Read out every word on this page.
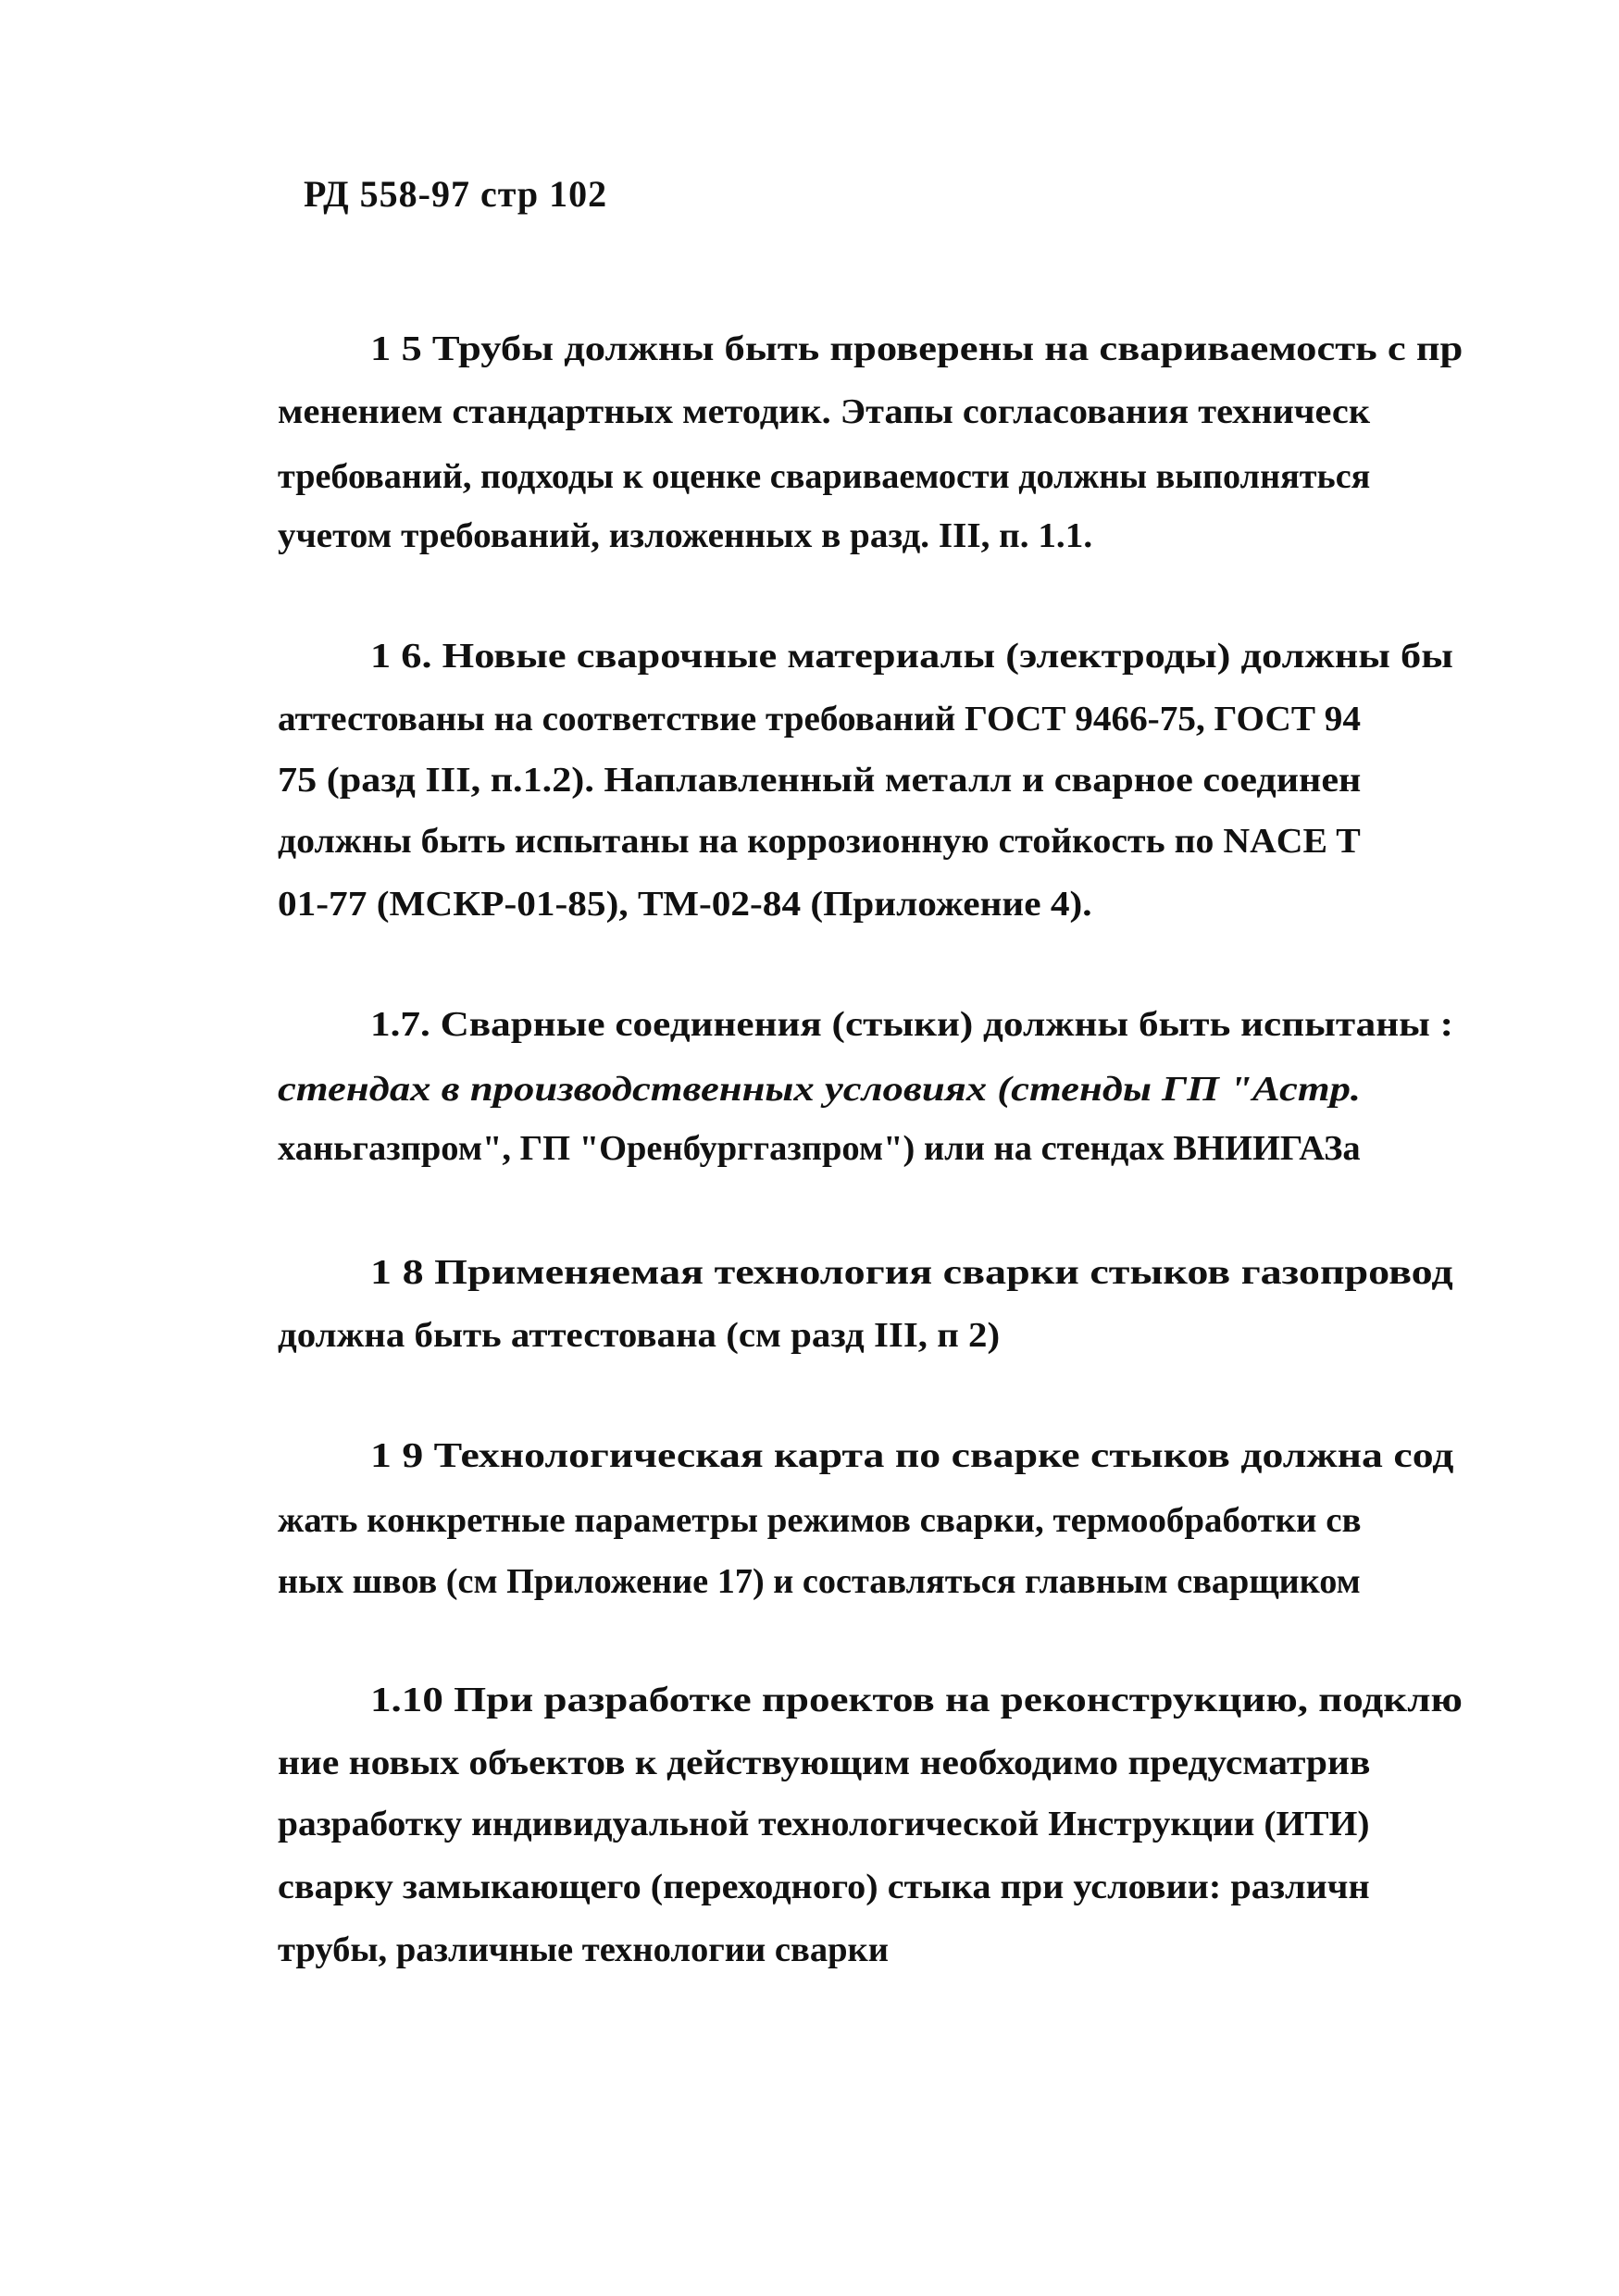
РД 558-97 стр 102
1 5 Трубы должны быть проверены на свариваемость с пр
менением стандартных методик. Этапы согласования техническ
требований, подходы к оценке свариваемости должны выполняться
учетом требований, изложенных в разд. III, п. 1.1.
1 6. Новые сварочные материалы (электроды) должны бы
аттестованы на соответствие требований ГОСТ 9466-75, ГОСТ 94
75 (разд III, п.1.2). Наплавленный металл и сварное соединен
должны быть испытаны на коррозионную стойкость по NACE T
01-77 (МСКР-01-85), ТМ-02-84 (Приложение 4).
1.7. Сварные соединения (стыки) должны быть испытаны :
стендах в производственных условиях (стенды ГП "Астр.
ханьгазпром", ГП "Оренбурггазпром") или на стендах ВНИИГАЗа
1 8 Применяемая технология сварки стыков газопровод
должна быть аттестована (см разд III, п 2)
1 9 Технологическая карта по сварке стыков должна сод
жать конкретные параметры режимов сварки, термообработки св
ных швов (см Приложение 17) и составляться главным сварщиком
1.10 При разработке проектов на реконструкцию, подклю
ние новых объектов к действующим необходимо предусматрив
разработку индивидуальной технологической Инструкции (ИТИ)
сварку замыкающего (переходного) стыка при условии: различн
трубы, различные технологии сварки
